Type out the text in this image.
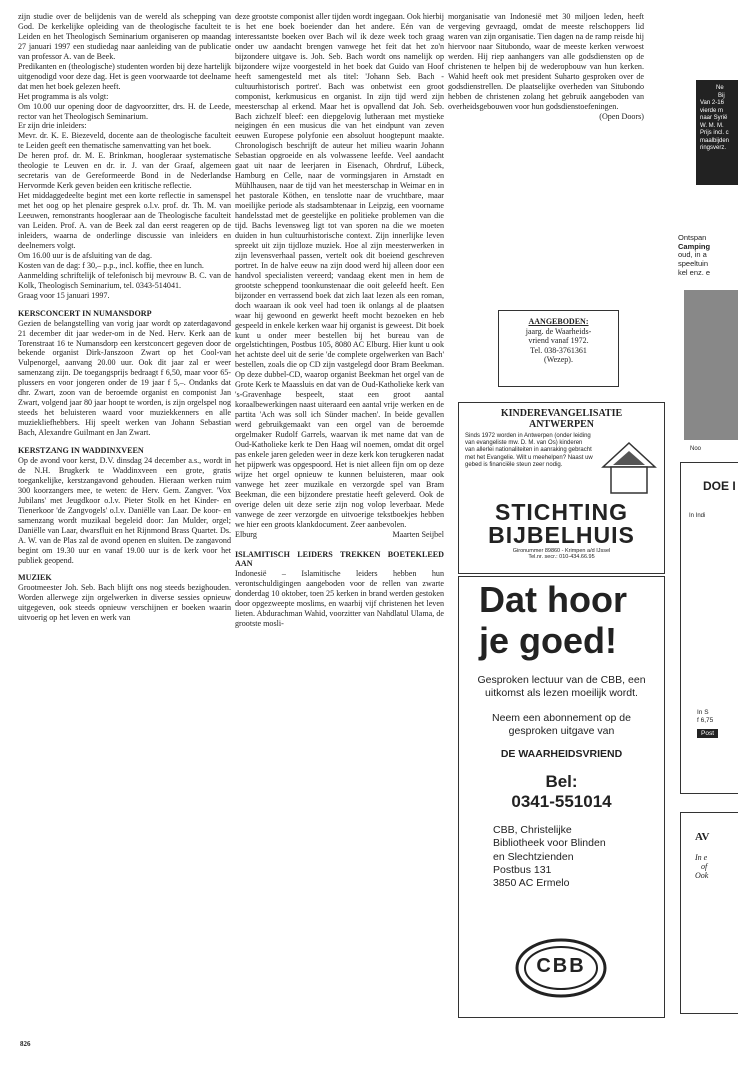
zijn studie over de belijdenis van de wereld als schepping van God. De kerkelijke opleiding van de theologische faculteit te Leiden en het Theologisch Seminarium organiseren op maandag 27 januari 1997 een studiedag naar aanleiding van de publicatie van professor A. van de Beek.

Predikanten en (theologische) studenten worden bij deze hartelijk uitgenodigd voor deze dag. Het is geen voorwaarde tot deelname dat men het boek gelezen heeft.

Het programma is als volgt:

Om 10.00 uur opening door de dagvoorzitter, drs. H. de Leede, rector van het Theologisch Seminarium.

Er zijn drie inleiders:

Mevr. dr. K. E. Biezeveld, docente aan de theologische faculteit te Leiden geeft een thematische samenvatting van het boek.

De heren prof. dr. M. E. Brinkman, hoogleraar systematische theologie te Leuven en dr. ir. J. van der Graaf, algemeen secretaris van de Gereformeerde Bond in de Nederlandse Hervormde Kerk geven beiden een kritische reflectie.

Het middaggedeelte begint met een korte reflectie in samenspel met het oog op het plenaire gesprek o.l.v. prof. dr. Th. M. van Leeuwen, remonstrants hoogleraar aan de Theologische faculteit van Leiden. Prof. A. van de Beek zal dan eerst reageren op de inleiders, waarna de onderlinge discussie van inleiders en deelnemers volgt.

Om 16.00 uur is de afsluiting van de dag.

Kosten van de dag: f 30,– p.p., incl. koffie, thee en lunch.

Aanmelding schriftelijk of telefonisch bij mevrouw B. C. van de Kolk, Theologisch Seminarium, tel. 0343-514041.

Graag voor 15 januari 1997.

KERSCONCERT IN NUMANSDORP

Gezien de belangstelling van vorig jaar wordt op zaterdagavond 21 december dit jaar weder-om in de Ned. Herv. Kerk aan de Torenstraat 16 te Numansdorp een kerstconcert gegeven door de bekende organist Dirk-Janszoon Zwart op het Cool-van Vulpenorgel, aanvang 20.00 uur. Ook dit jaar zal er weer samenzang zijn. De toegangsprijs bedraagt f 6,50, maar voor 65-plussers en voor jongeren onder de 19 jaar f 5,–. Ondanks dat dhr. Zwart, zoon van de beroemde organist en componist Jan Zwart, volgend jaar 80 jaar hoopt te worden, is zijn orgelspel nog steeds het beluisteren waard voor muziekkenners en alle muziekliefhebbers. Hij speelt werken van Johann Sebastian Bach, Alexandre Guilmant en Jan Zwart.

KERSTZANG IN WADDINXVEEN

Op de avond voor kerst, D.V. dinsdag 24 december a.s., wordt in de N.H. Brugkerk te Waddinxveen een grote, gratis toegankelijke, kerstzangavond gehouden. Hieraan werken ruim 300 koorzangers mee, te weten: de Herv. Gem. Zangver. 'Vox Jubilans' met Jeugdkoor o.l.v. Pieter Stolk en het Kinder- en Tienerkoor 'de Zangvogels' o.l.v. Daniëlle van Laar. De koor- en samenzang wordt muzikaal begeleid door: Jan Mulder, orgel; Daniëlle van Laar, dwarsfluit en het Rijnmond Brass Quartet. Ds. A. W. van de Plas zal de avond openen en sluiten. De zangavond begint om 19.30 uur en vanaf 19.00 uur is de kerk voor het publiek geopend.

MUZIEK

Grootmeester Joh. Seb. Bach blijft ons nog steeds bezighouden. Worden allerwege zijn orgelwerken in diverse sessies opnieuw uitgegeven, ook steeds opnieuw verschijnen er boeken waarin uitvoerig op het leven en werk van

deze grootste componist aller tijden wordt ingegaan. Ook hierbij is het ene boek boeiender dan het andere. Eén van de interessantste boeken over Bach wil ik deze week toch graag onder uw aandacht brengen vanwege het feit dat het zo'n bijzondere uitgave is. Joh. Seb. Bach wordt ons namelijk op bijzondere wijze voorgesteld in het boek dat Guido van Hoof heeft samengesteld met als titel: 'Johann Seb. Bach - cultuurhistorisch portret'. Bach was onbetwist een groot componist, kerkmusicus en organist. In zijn tijd werd zijn meesterschap al erkend. Maar het is opvallend dat Joh. Seb. Bach zichzelf bleef: een diepgelovig lutheraan met mystieke neigingen én een musicus die van het eindpunt van zeven eeuwen Europese polyfonie een absoluut hoogtepunt maakte. Chronologisch beschrijft de auteur het milieu waarin Johann Sebastian opgroeide en als volwassene leefde. Veel aandacht gaat uit naar de leerjaren in Eisenach, Ohrdruf, Lübeck, Hamburg en Celle, naar de vormingsjaren in Arnstadt en Mühlhausen, naar de tijd van het meesterschap in Weimar en in het pastorale Köthen, en tenslotte naar de vruchtbare, maar moeilijke periode als stadsambtenaar in Leipzig, een voorname handelsstad met de geestelijke en politieke problemen van die tijd. Bachs levensweg ligt tot van sporen na die we moeten duiden in hun cultuurhistorische context. Zijn innerlijke leven spreekt uit zijn tijdloze muziek. Hoe al zijn meesterwerken in zijn levensverhaal passen, verteIt ook dit boeiend geschreven portret. In de halve eeuw na zijn dood werd hij alleen door een handvol specialisten vereerd; vandaag ekent men in hem de grootste scheppend toonkunstenaar die ooit geleefd heeft. Een bijzonder en verrassend boek dat zich laat lezen als een roman, doch waaraan ik ook veel had toen ik onlangs al de plaatsen waar hij gewoond en gewerkt heeft mocht bezoeken en heb gespeeld in enkele kerken waar hij organist is geweest. Dit boek kunt u onder meer bestellen bij het bureau van de orgelstichtingen, Postbus 105, 8080 AC Elburg. Hier kunt u ook het achtste deel uit de serie 'de complete orgelwerken van Bach' bestellen, zoals die op CD zijn vastgelegd door Bram Beekman. Op deze dubbel-CD, waarop organist Beekman het orgel van de Grote Kerk te Maassluis en dat van de Oud-Katholieke kerk van 's-Gravenhage bespeelt, staat een groot aantal koraalbewerkingen naast uiteraard een aantal vrije werken en de partita 'Ach was soll ich Sünder machen'. In beide gevallen werd gebruikgemaakt van een orgel van de beroemde orgelmaker Rudolf Garrels, waarvan ik met name dat van de Oud-Katholieke kerk te Den Haag wil noemen, omdat dit orgel pas enkele jaren geleden weer in deze kerk kon terugkeren nadat het pijpwerk was opgespoord. Het is niet alleen fijn om op deze wijze het orgel opnieuw te kunnen beluisteren, maar ook vanwege het zeer muzikale en verzorgde spel van Bram Beekman, die een bijzondere prestatie heeft geleverd. Ook de overige delen uit deze serie zijn nog volop leverbaar. Mede vanwege de zeer verzorgde en uitvoerige tekstboekjes hebben we hier een groots klankdocument. Zeer aanbevolen.

Elburg	Maarten Seijbel

ISLAMITISCH LEIDERS TREKKEN BOETEKLEED AAN

Indonesië – Islamitische leiders hebben hun verontschuldigingen aangeboden voor de rellen van zwarte donderdag 10 oktober, toen 25 kerken in brand werden gestoken door opgezweepte moslims, en waarbij vijf christenen het leven lieten. Abdurachman Wahid, voorzitter van Nahdlatul Ulama, de grootste mosli-

morganisatie van Indonesië met 30 miljoen leden, heeft vergeving gevraagd, omdat de meeste relschoppers lid waren van zijn organisatie. Tien dagen na de ramp reisde hij hiervoor naar Situbondo, waar de meeste kerken verwoest werden. Hij riep aanhangers van alle godsdiensten op de christenen te helpen bij de wederopbouw van hun kerken. Wahid heeft ook met president Suharto gesproken over de godsdienstrellen. De plaatselijke overheden van Situbondo hebben de christenen zolang het gebruik aangeboden van overheidsgebouwen voor hun godsdienstoefeningen.

(Open Doors)

826
AANGEBODEN:
jaarg. de Waarheids-
vriend vanaf 1972.
Tel. 038-3761361
(Wezep).
KINDEREVANGELISATIE
ANTWERPEN
Sinds 1972 worden in Antwerpen (onder leiding van evangeliste mw. D. M. van Os) kinderen van allerlei nationaliteiten in aanraking gebracht met het Evangelie. Wilt u meehelpen? Naast uw gebed is financiële steun zeer nodig.
STICHTING
BIJBELHUIS
Gironummer 89860 - Krimpen a/d IJssel
Tel.nr. secr.: 010-434.66.95
Dat hoor
je goed!
Gesproken lectuur van de CBB, een uitkomst als lezen moeilijk wordt.
Neem een abonnement op de gesproken uitgave van
DE WAARHEIDSVRIEND
Bel:
0341-551014
CBB, Christelijke
Bibliotheek voor Blinden
en Slechtzienden
Postbus 131
3850 AC Ermelo
CBB
Ne
Bij
Van 2-16
vierde m
naar Syrië
W. M. M.
Prijs incl. c
maalbijden
ringsverz.
Ontspan
Camping
oud, in a
speeltuin
kel enz. e
Noo
DOE I
In Indi
In S
f 6,75
Post
AV
In e
of
Ook
